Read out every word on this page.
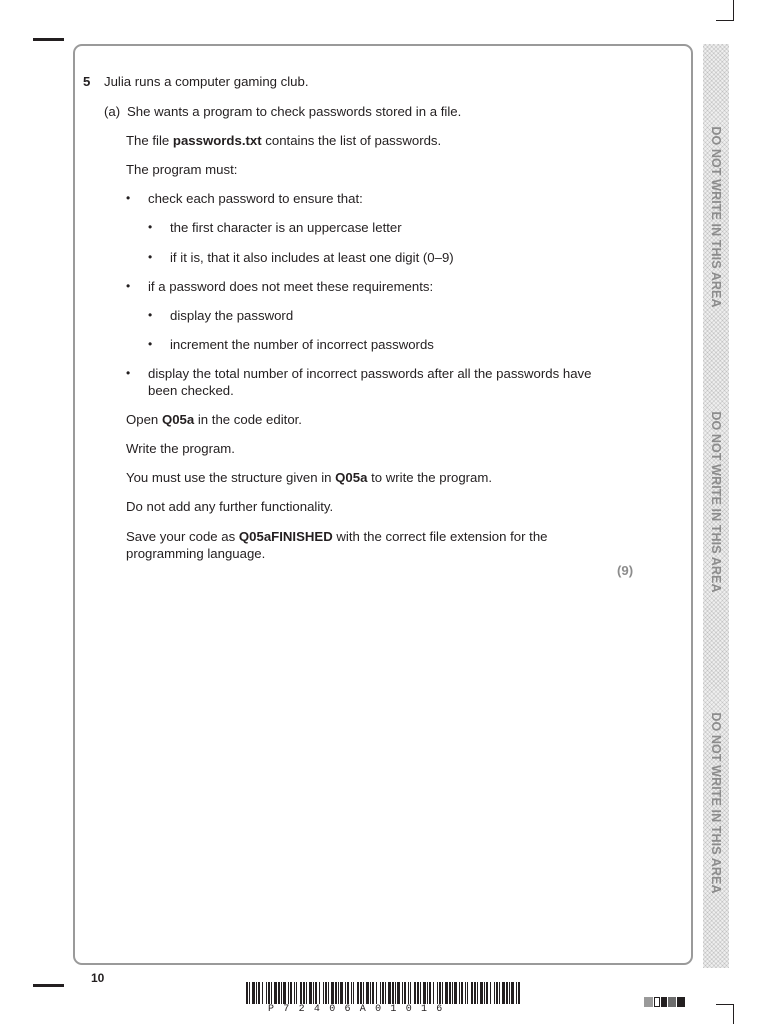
DO NOT WRITE IN THIS AREA
DO NOT WRITE IN THIS AREA
DO NOT WRITE IN THIS AREA
5 Julia runs a computer gaming club.
(a) She wants a program to check passwords stored in a file.
The file passwords.txt contains the list of passwords.
The program must:
• check each password to ensure that:
• the first character is an uppercase letter
• if it is, that it also includes at least one digit (0–9)
• if a password does not meet these requirements:
• display the password
• increment the number of incorrect passwords
• display the total number of incorrect passwords after all the passwords have
been checked.
Open Q05a in the code editor.
Write the program.
You must use the structure given in Q05a to write the program.
Do not add any further functionality.
Save your code as Q05aFINISHED with the correct file extension for the
programming language.
(9)
10
P72406A01016
